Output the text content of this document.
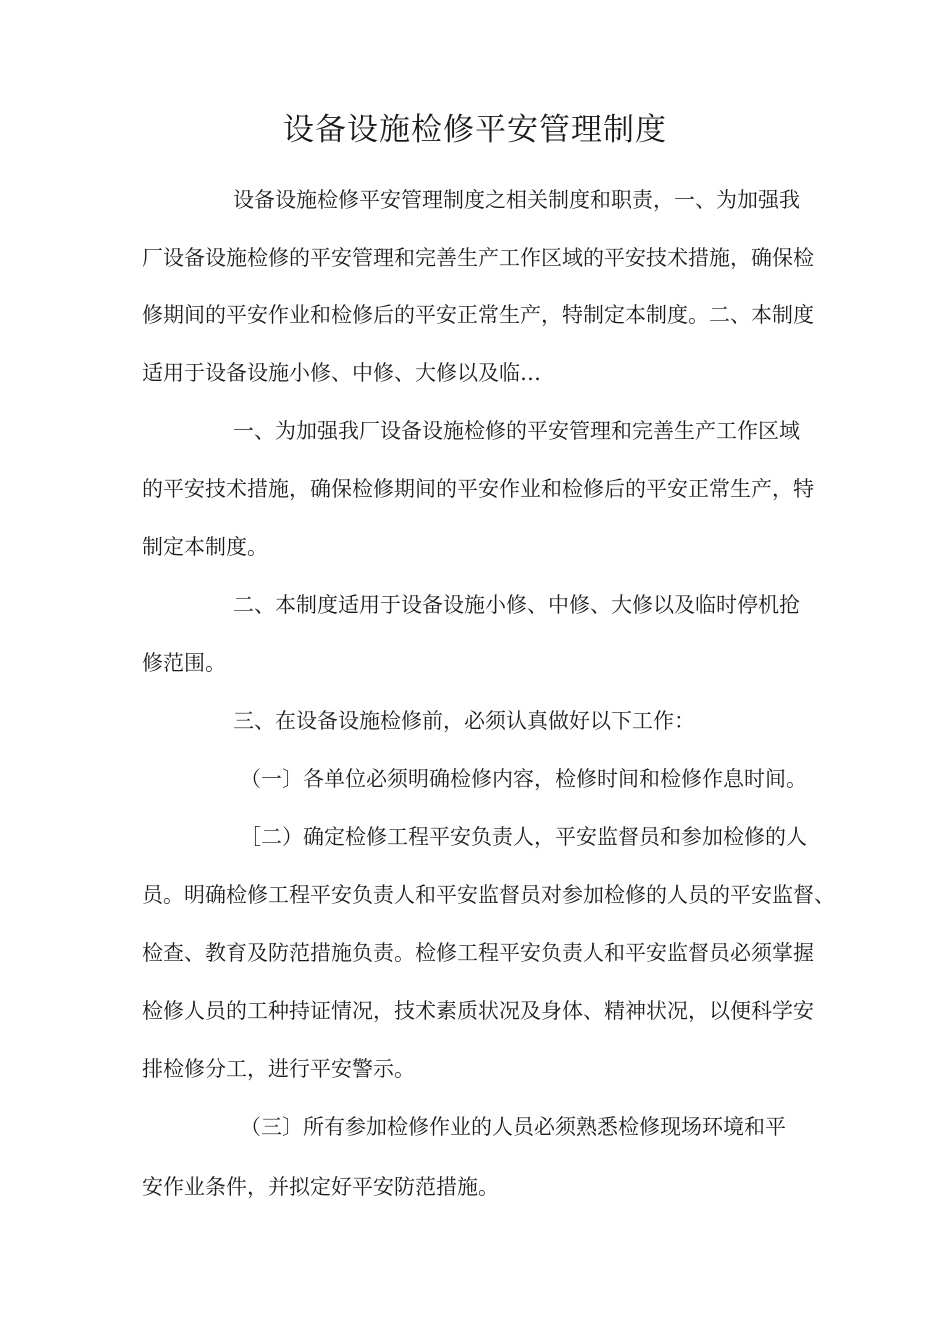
设备设施检修平安管理制度
设备设施检修平安管理制度之相关制度和职责，一、为加强我
厂设备设施检修的平安管理和完善生产工作区域的平安技术措施，确保检
修期间的平安作业和检修后的平安正常生产，特制定本制度。二、本制度
适用于设备设施小修、中修、大修以及临…
一、为加强我厂设备设施检修的平安管理和完善生产工作区域
的平安技术措施，确保检修期间的平安作业和检修后的平安正常生产，特
制定本制度。
二、本制度适用于设备设施小修、中修、大修以及临时停机抢
修范围。
三、在设备设施检修前，必须认真做好以下工作：
（一〕各单位必须明确检修内容，检修时间和检修作息时间。
［二）确定检修工程平安负责人，平安监督员和参加检修的人
员。明确检修工程平安负责人和平安监督员对参加检修的人员的平安监督、
检查、教育及防范措施负责。检修工程平安负责人和平安监督员必须掌握
检修人员的工种持证情况，技术素质状况及身体、精神状况，以便科学安
排检修分工，进行平安警示。
（三〕所有参加检修作业的人员必须熟悉检修现场环境和平
安作业条件，并拟定好平安防范措施。
